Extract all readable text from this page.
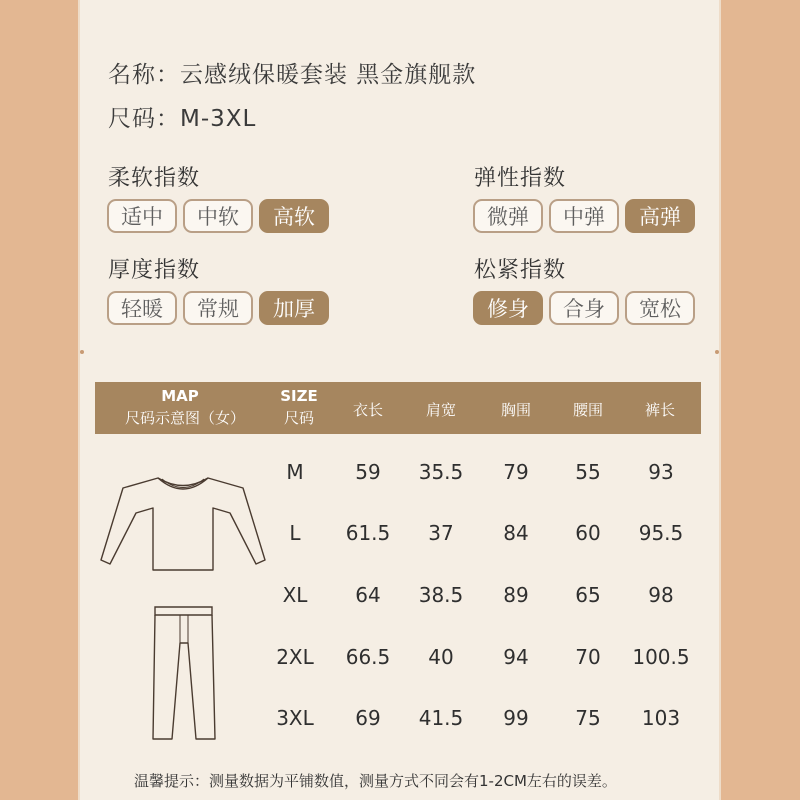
名称：云感绒保暖套装 黑金旗舰款
尺码：M-3XL
柔软指数
适中	中软	高软
弹性指数
微弹	中弹	高弹
厚度指数
轻暖	常规	加厚
松紧指数
修身	合身	宽松
MAP
尺码示意图（女）
SIZE
尺码	衣长	肩宽	胸围	腰围	裤长
M	59	35.5	79	55	93
L	61.5	37	84	60	95.5
XL	64	38.5	89	65	98
2XL	66.5	40	94	70	100.5
3XL	69	41.5	99	75	103
温馨提示：测量数据为平铺数值，测量方式不同会有1-2CM左右的误差。
